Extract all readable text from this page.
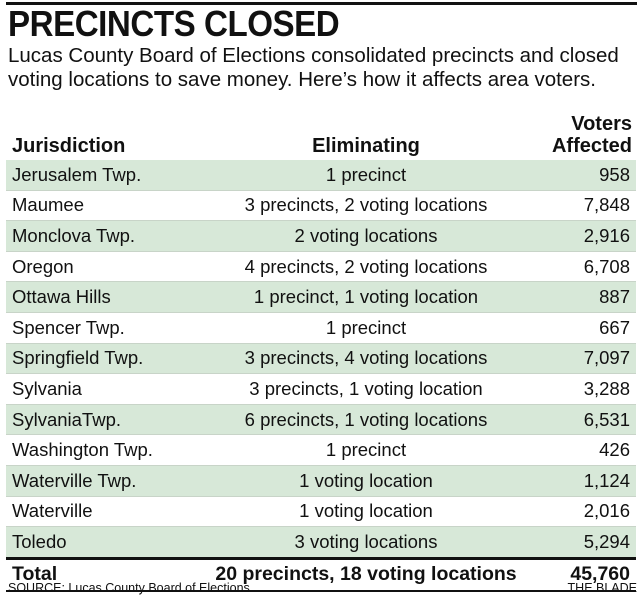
PRECINCTS CLOSED

Lucas County Board of Elections consolidated precincts and closed voting locations to save money. Here’s how it affects area voters.

Jurisdiction	Eliminating	Voters
Affected
Jerusalem Twp.	1 precinct	958
Maumee	3 precincts, 2 voting locations	7,848
Monclova Twp.	2 voting locations	2,916
Oregon	4 precincts, 2 voting locations	6,708
Ottawa Hills	1 precinct, 1 voting location	887
Spencer Twp.	1 precinct	667
Springfield Twp.	3 precincts, 4 voting locations	7,097
Sylvania	3 precincts, 1 voting location	3,288
SylvaniaTwp.	6 precincts, 1 voting locations	6,531
Washington Twp.	1 precinct	426
Waterville Twp.	1 voting location	1,124
Waterville	1 voting location	2,016
Toledo	3 voting locations	5,294
Total	20 precincts, 18 voting locations	45,760
SOURCE: Lucas County Board of Elections	THE BLADE
